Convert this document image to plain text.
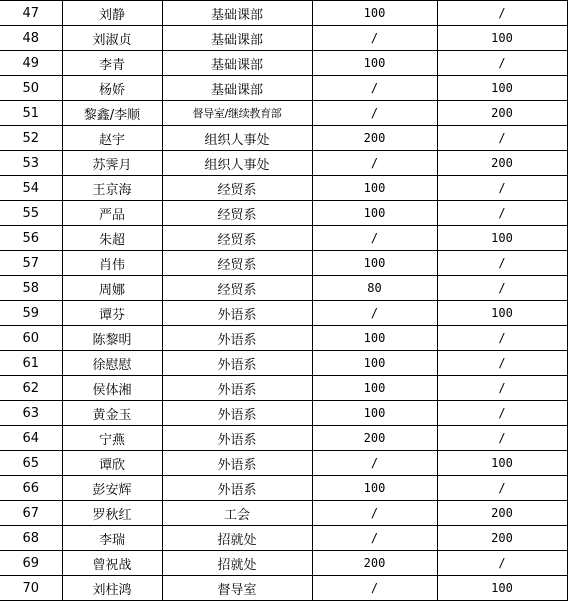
47	刘静	基础课部	100	/
48	刘淑贞	基础课部	/	100
49	李青	基础课部	100	/
50	杨娇	基础课部	/	100
51	黎鑫/李顺	督导室/继续教育部	/	200
52	赵宇	组织人事处	200	/
53	苏霁月	组织人事处	/	200
54	王京海	经贸系	100	/
55	严品	经贸系	100	/
56	朱超	经贸系	/	100
57	肖伟	经贸系	100	/
58	周娜	经贸系	80	/
59	谭芬	外语系	/	100
60	陈黎明	外语系	100	/
61	徐慰慰	外语系	100	/
62	侯体湘	外语系	100	/
63	黄金玉	外语系	100	/
64	宁燕	外语系	200	/
65	谭欣	外语系	/	100
66	彭安辉	外语系	100	/
67	罗秋红	工会	/	200
68	李瑞	招就处	/	200
69	曾祝战	招就处	200	/
70	刘柱鸿	督导室	/	100
